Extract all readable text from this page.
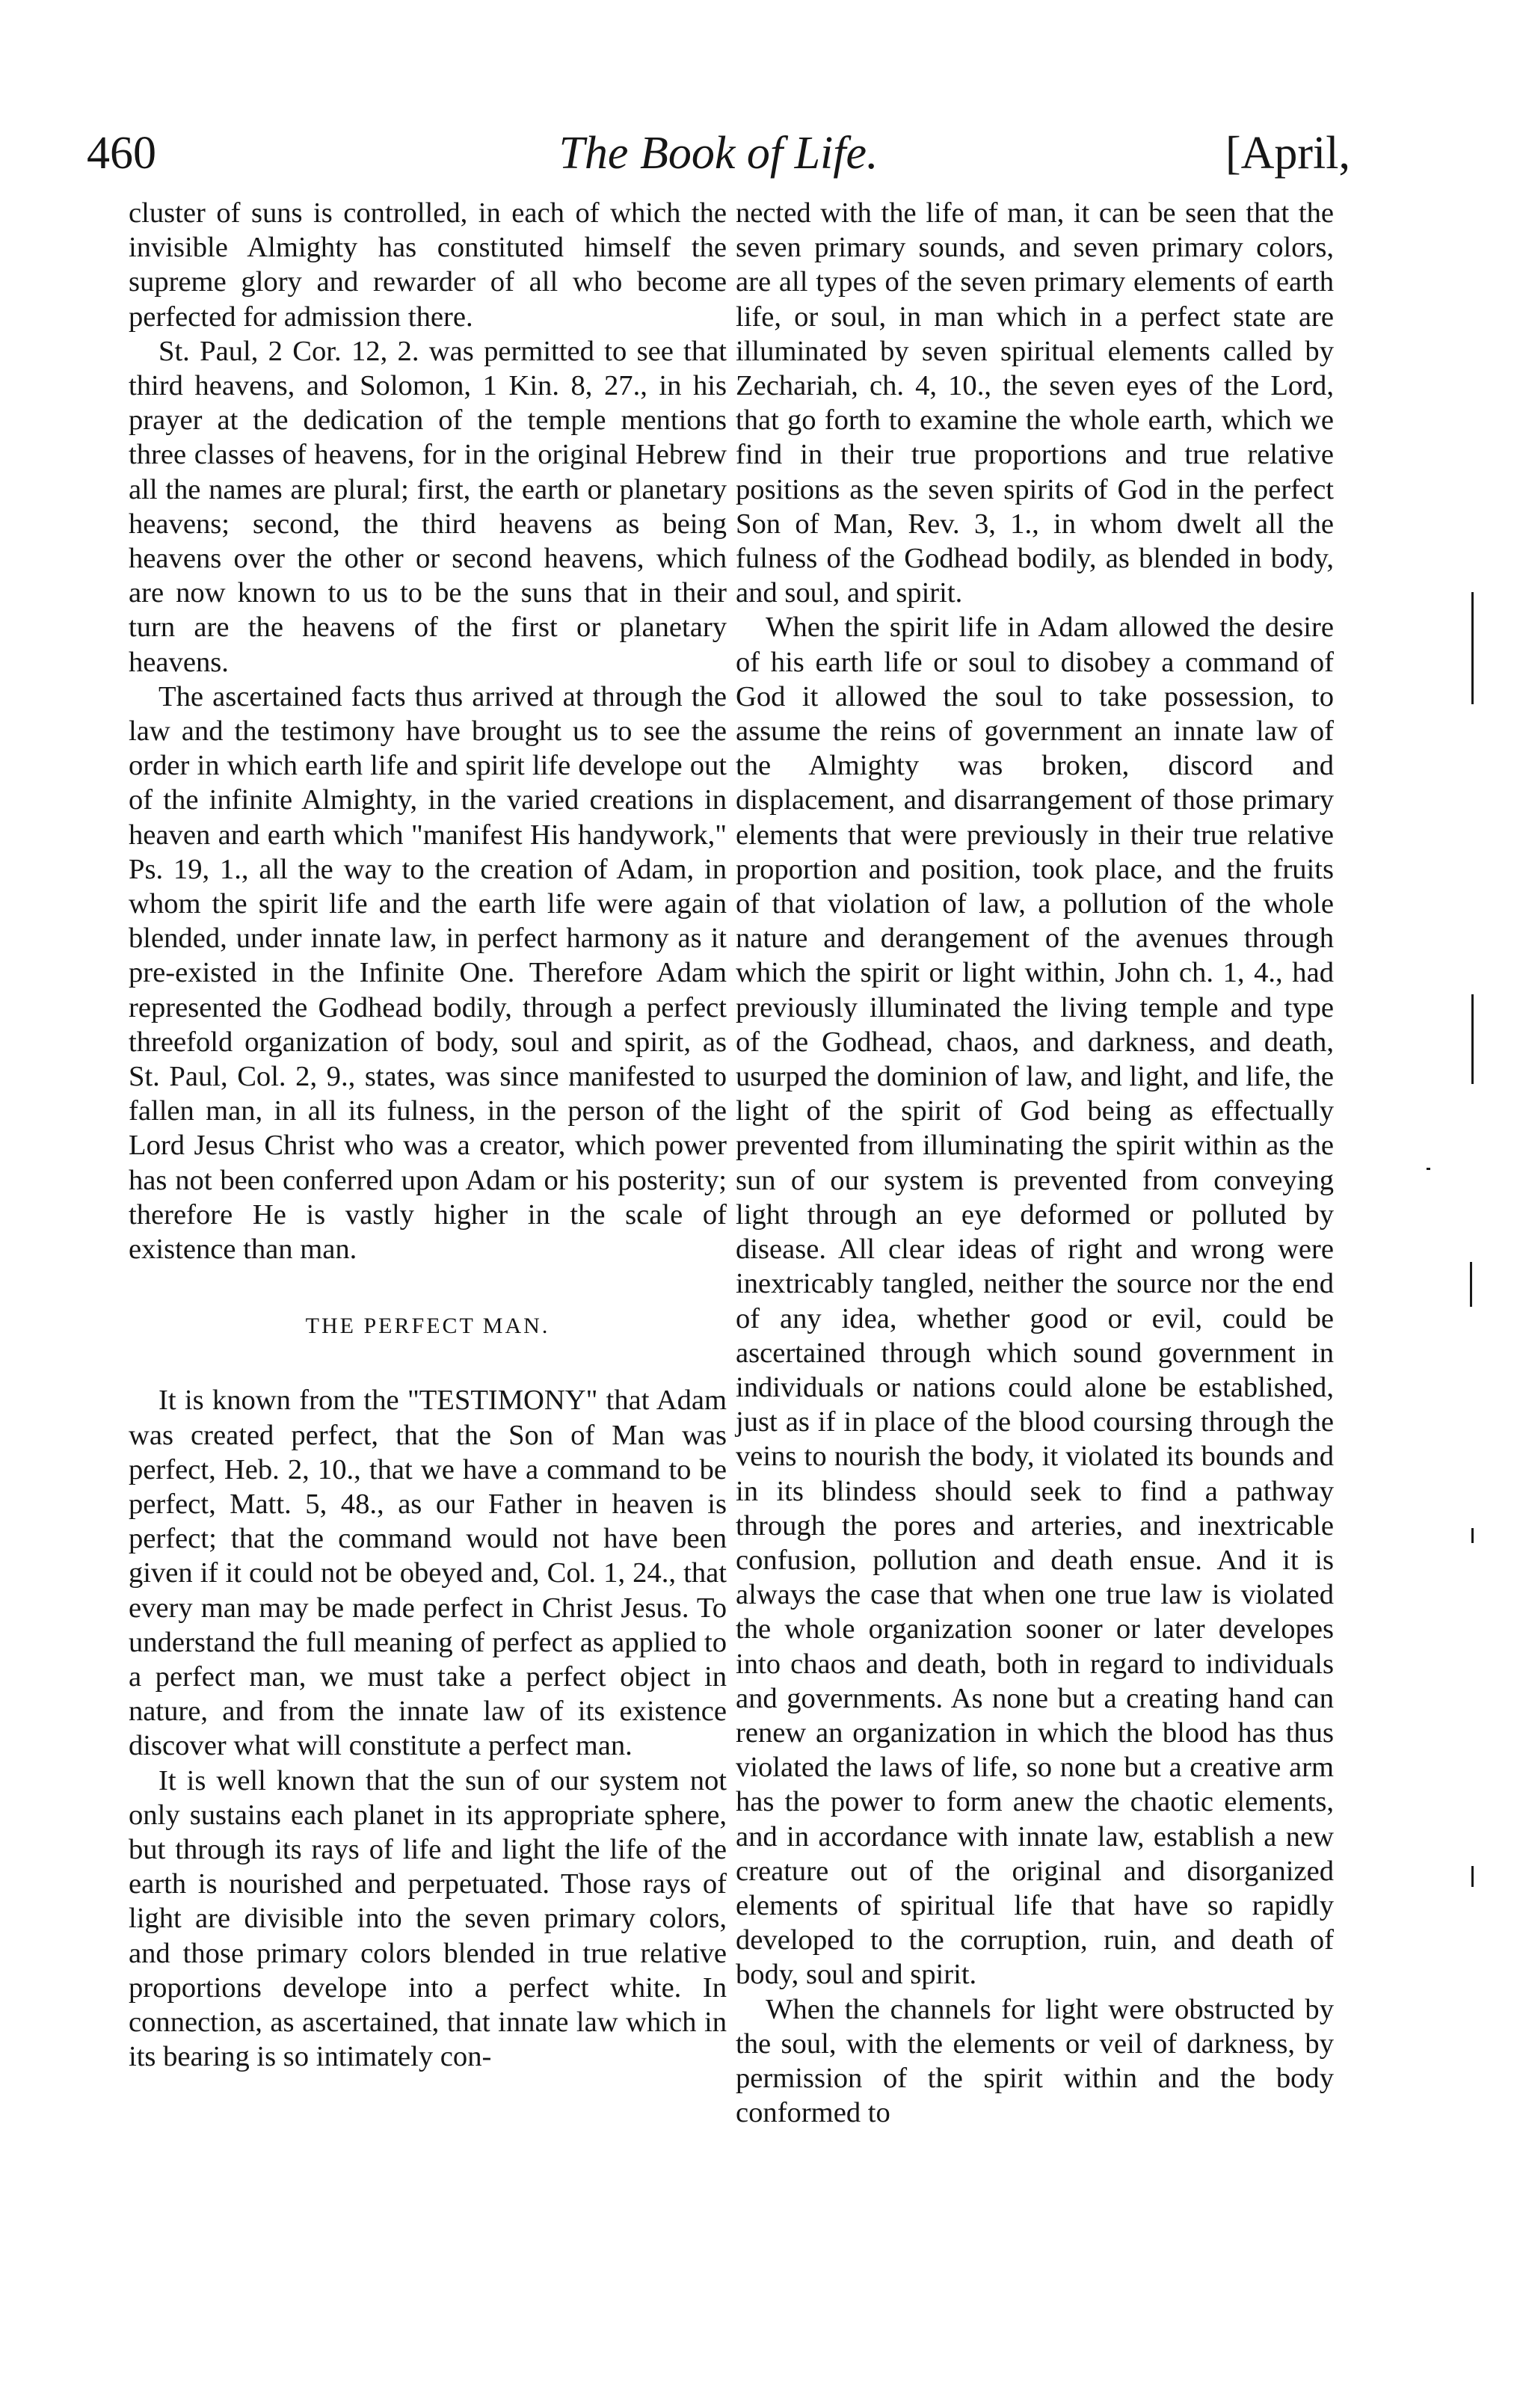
460	The Book of Life.	[April,

cluster of suns is controlled, in each of which the invisible Almighty has constituted himself the supreme glory and rewarder of all who become perfected for admission there.

St. Paul, 2 Cor. 12, 2. was permitted to see that third heavens, and Solomon, 1 Kin. 8, 27., in his prayer at the dedication of the temple mentions three classes of heavens, for in the original Hebrew all the names are plural; first, the earth or planetary heavens; second, the third heavens as being heavens over the other or second heavens, which are now known to us to be the suns that in their turn are the heavens of the first or planetary heavens.

The ascertained facts thus arrived at through the law and the testimony have brought us to see the order in which earth life and spirit life develope out of the infinite Almighty, in the varied creations in heaven and earth which "manifest His handywork," Ps. 19, 1., all the way to the creation of Adam, in whom the spirit life and the earth life were again blended, under innate law, in perfect harmony as it pre-existed in the Infinite One. Therefore Adam represented the Godhead bodily, through a perfect threefold organization of body, soul and spirit, as St. Paul, Col. 2, 9., states, was since manifested to fallen man, in all its fulness, in the person of the Lord Jesus Christ who was a creator, which power has not been conferred upon Adam or his posterity; therefore He is vastly higher in the scale of existence than man.

THE PERFECT MAN.

It is known from the "TESTIMONY" that Adam was created perfect, that the Son of Man was perfect, Heb. 2, 10., that we have a command to be perfect, Matt. 5, 48., as our Father in heaven is perfect; that the command would not have been given if it could not be obeyed and, Col. 1, 24., that every man may be made perfect in Christ Jesus. To understand the full meaning of perfect as applied to a perfect man, we must take a perfect object in nature, and from the innate law of its existence discover what will constitute a perfect man.

It is well known that the sun of our system not only sustains each planet in its appropriate sphere, but through its rays of life and light the life of the earth is nourished and perpetuated. Those rays of light are divisible into the seven primary colors, and those primary colors blended in true relative proportions develope into a perfect white. In connection, as ascertained, that innate law which in its bearing is so intimately con-

nected with the life of man, it can be seen that the seven primary sounds, and seven primary colors, are all types of the seven primary elements of earth life, or soul, in man which in a perfect state are illuminated by seven spiritual elements called by Zechariah, ch. 4, 10., the seven eyes of the Lord, that go forth to examine the whole earth, which we find in their true proportions and true relative positions as the seven spirits of God in the perfect Son of Man, Rev. 3, 1., in whom dwelt all the fulness of the Godhead bodily, as blended in body, and soul, and spirit.

When the spirit life in Adam allowed the desire of his earth life or soul to disobey a command of God it allowed the soul to take possession, to assume the reins of government an innate law of the Almighty was broken, discord and displacement, and disarrangement of those primary elements that were previously in their true relative proportion and position, took place, and the fruits of that violation of law, a pollution of the whole nature and derangement of the avenues through which the spirit or light within, John ch. 1, 4., had previously illuminated the living temple and type of the Godhead, chaos, and darkness, and death, usurped the dominion of law, and light, and life, the light of the spirit of God being as effectually prevented from illuminating the spirit within as the sun of our system is prevented from conveying light through an eye deformed or polluted by disease. All clear ideas of right and wrong were inextricably tangled, neither the source nor the end of any idea, whether good or evil, could be ascertained through which sound government in individuals or nations could alone be established, just as if in place of the blood coursing through the veins to nourish the body, it violated its bounds and in its blindess should seek to find a pathway through the pores and arteries, and inextricable confusion, pollution and death ensue. And it is always the case that when one true law is violated the whole organization sooner or later developes into chaos and death, both in regard to individuals and governments. As none but a creating hand can renew an organization in which the blood has thus violated the laws of life, so none but a creative arm has the power to form anew the chaotic elements, and in accordance with innate law, establish a new creature out of the original and disorganized elements of spiritual life that have so rapidly developed to the corruption, ruin, and death of body, soul and spirit.

When the channels for light were obstructed by the soul, with the elements or veil of darkness, by permission of the spirit within and the body conformed to
